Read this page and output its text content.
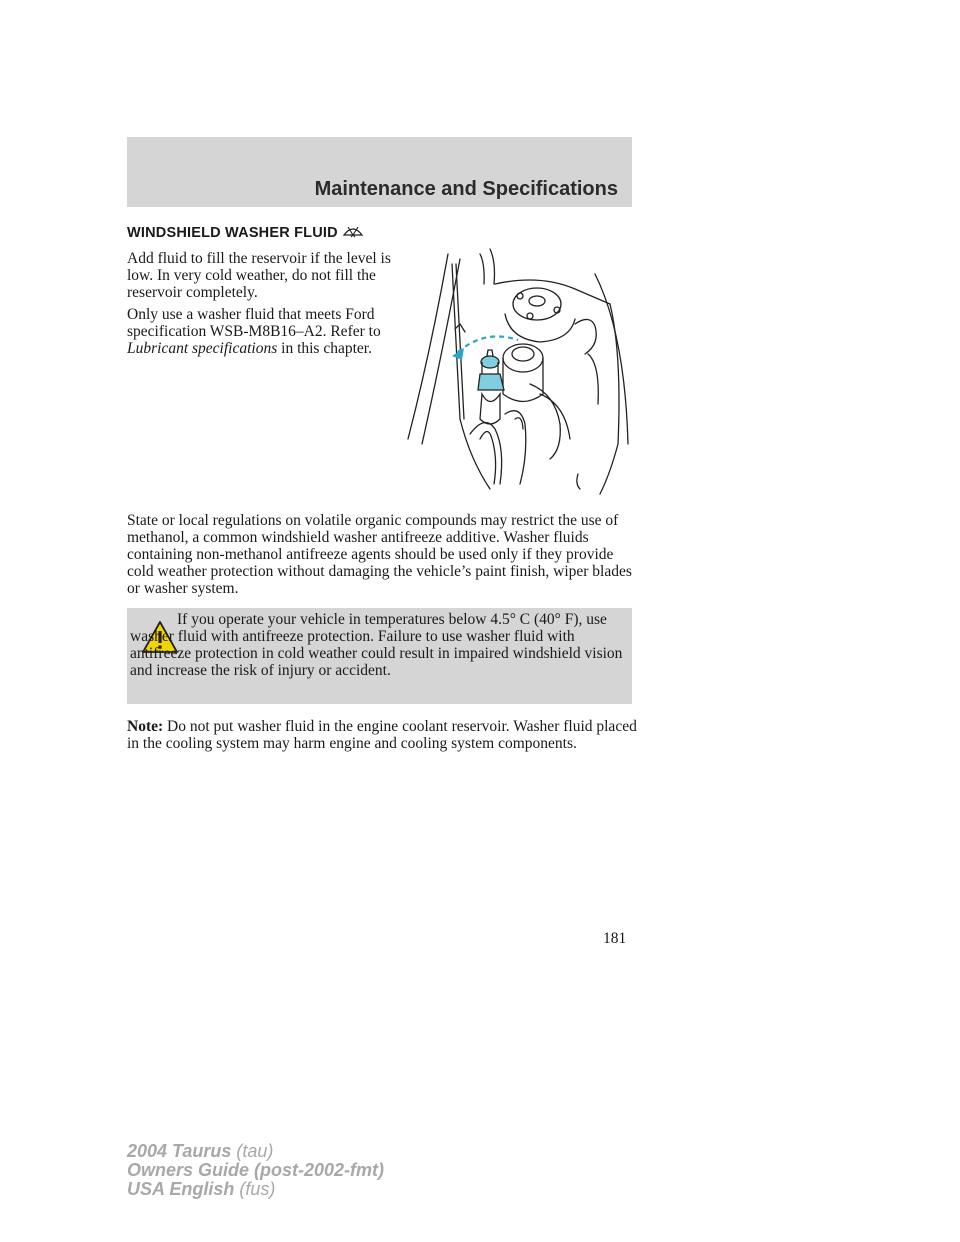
Maintenance and Specifications
WINDSHIELD WASHER FLUID

Add fluid to fill the reservoir if the level is low. In very cold weather, do not fill the reservoir completely.

Only use a washer fluid that meets Ford specification WSB-M8B16–A2. Refer to Lubricant specifications in this chapter.

State or local regulations on volatile organic compounds may restrict the use of methanol, a common windshield washer antifreeze additive. Washer fluids containing non-methanol antifreeze agents should be used only if they provide cold weather protection without damaging the vehicle’s paint finish, wiper blades or washer system.

If you operate your vehicle in temperatures below 4.5° C (40° F), use washer fluid with antifreeze protection. Failure to use washer fluid with antifreeze protection in cold weather could result in impaired windshield vision and increase the risk of injury or accident.

Note: Do not put washer fluid in the engine coolant reservoir. Washer fluid placed in the cooling system may harm engine and cooling system components.

181
2004 Taurus (tau)
Owners Guide (post-2002-fmt)
USA English (fus)
